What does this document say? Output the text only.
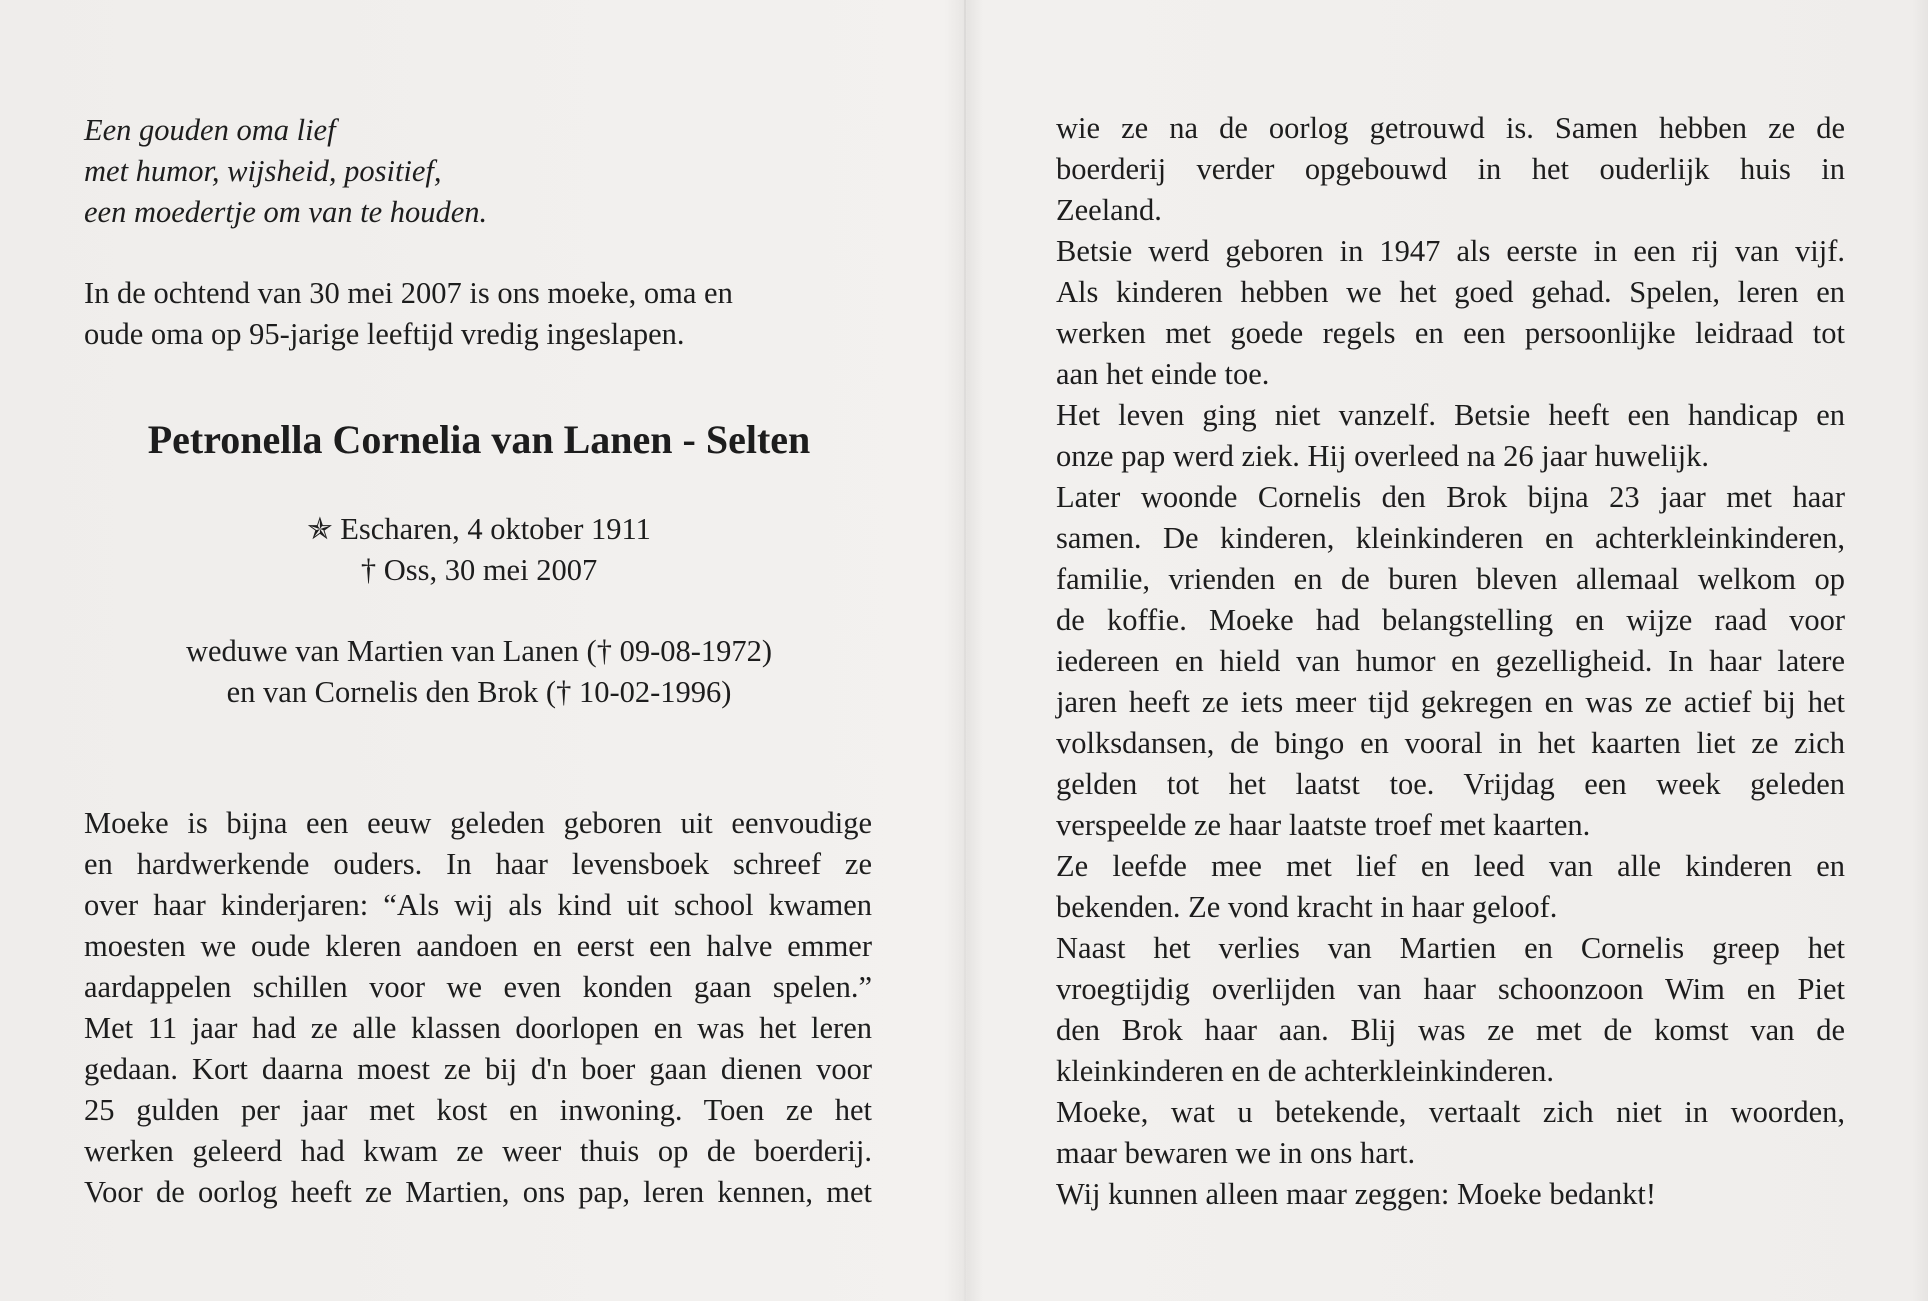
Een gouden oma lief
met humor, wijsheid, positief,
een moedertje om van te houden.
In de ochtend van 30 mei 2007 is ons moeke, oma en
oude oma op 95-jarige leeftijd vredig ingeslapen.
Petronella Cornelia van Lanen - Selten
✯ Escharen, 4 oktober 1911
† Oss, 30 mei 2007
weduwe van Martien van Lanen († 09-08-1972)
en van Cornelis den Brok († 10-02-1996)
Moeke is bijna een eeuw geleden geboren uit eenvoudige
en hardwerkende ouders. In haar levensboek schreef ze
over haar kinderjaren: “Als wij als kind uit school kwamen
moesten we oude kleren aandoen en eerst een halve emmer
aardappelen schillen voor we even konden gaan spelen.”
Met 11 jaar had ze alle klassen doorlopen en was het leren
gedaan. Kort daarna moest ze bij d'n boer gaan dienen voor
25 gulden per jaar met kost en inwoning. Toen ze het
werken geleerd had kwam ze weer thuis op de boerderij.
Voor de oorlog heeft ze Martien, ons pap, leren kennen, met
wie ze na de oorlog getrouwd is. Samen hebben ze de
boerderij verder opgebouwd in het ouderlijk huis in
Zeeland.
Betsie werd geboren in 1947 als eerste in een rij van vijf.
Als kinderen hebben we het goed gehad. Spelen, leren en
werken met goede regels en een persoonlijke leidraad tot
aan het einde toe.
Het leven ging niet vanzelf. Betsie heeft een handicap en
onze pap werd ziek. Hij overleed na 26 jaar huwelijk.
Later woonde Cornelis den Brok bijna 23 jaar met haar
samen. De kinderen, kleinkinderen en achterkleinkinderen,
familie, vrienden en de buren bleven allemaal welkom op
de koffie. Moeke had belangstelling en wijze raad voor
iedereen en hield van humor en gezelligheid. In haar latere
jaren heeft ze iets meer tijd gekregen en was ze actief bij het
volksdansen, de bingo en vooral in het kaarten liet ze zich
gelden tot het laatst toe. Vrijdag een week geleden
verspeelde ze haar laatste troef met kaarten.
Ze leefde mee met lief en leed van alle kinderen en
bekenden. Ze vond kracht in haar geloof.
Naast het verlies van Martien en Cornelis greep het
vroegtijdig overlijden van haar schoonzoon Wim en Piet
den Brok haar aan. Blij was ze met de komst van de
kleinkinderen en de achterkleinkinderen.
Moeke, wat u betekende, vertaalt zich niet in woorden,
maar bewaren we in ons hart.
Wij kunnen alleen maar zeggen: Moeke bedankt!
